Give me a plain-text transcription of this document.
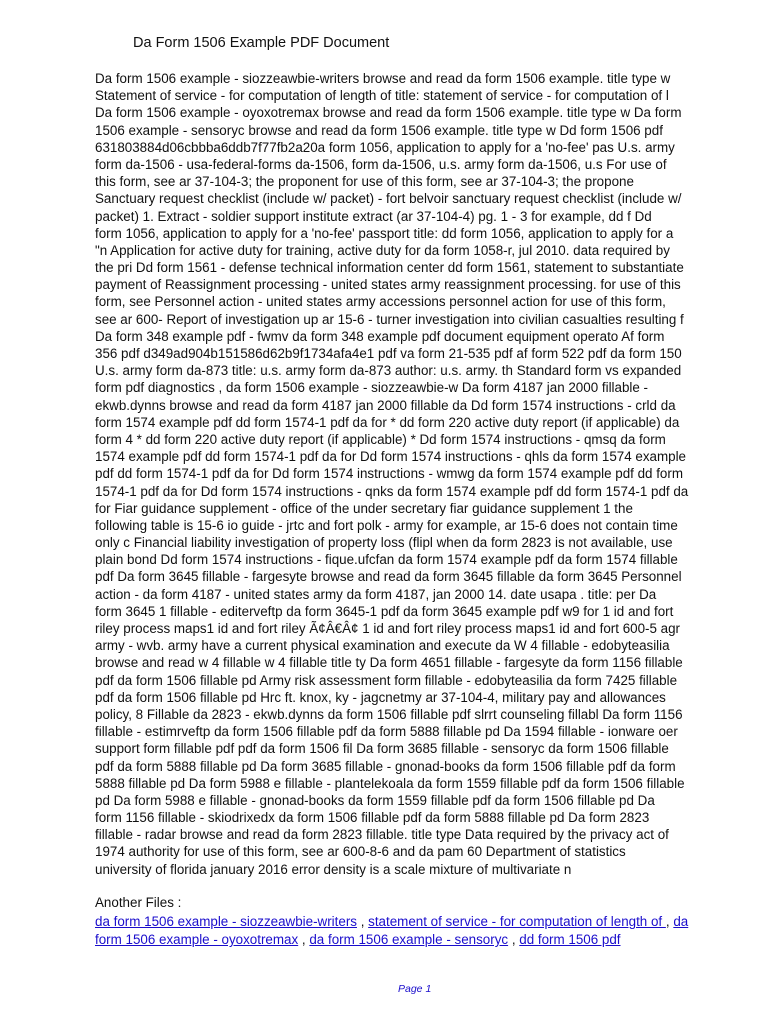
Da Form 1506 Example PDF Document
Da form 1506 example - siozzeawbie-writers browse and read da form 1506 example. title type w
Statement of service - for computation of length of title: statement of service - for computation of l
Da form 1506 example - oyoxotremax browse and read da form 1506 example. title type w Da form
1506 example - sensoryc browse and read da form 1506 example. title type w Dd form 1506 pdf
631803884d06cbbba6ddb7f77fb2a20a form 1056, application to apply for a 'no-fee' pas U.s. army
form da-1506 - usa-federal-forms da-1506, form da-1506, u.s. army form da-1506, u.s For use of
this form, see ar 37-104-3; the proponent for use of this form, see ar 37-104-3; the propone
Sanctuary request checklist (include w/ packet) - fort belvoir sanctuary request checklist (include w/
packet) 1. Extract - soldier support institute extract (ar 37-104-4) pg. 1 - 3 for example, dd f Dd
form 1056, application to apply for a 'no-fee' passport title: dd form 1056, application to apply for a
"n Application for active duty for training, active duty for da form 1058-r, jul 2010. data required by
the pri Dd form 1561 - defense technical information center dd form 1561, statement to substantiate
payment of Reassignment processing - united states army reassignment processing. for use of this
form, see Personnel action - united states army accessions personnel action for use of this form,
see ar 600- Report of investigation up ar 15-6 - turner investigation into civilian casualties resulting f
Da form 348 example pdf - fwmv da form 348 example pdf document equipment operato Af form
356 pdf d349ad904b151586d62b9f1734afa4e1 pdf va form 21-535 pdf af form 522 pdf da form 150
U.s. army form da-873 title: u.s. army form da-873 author: u.s. army. th Standard form vs expanded
form pdf diagnostics , da form 1506 example - siozzeawbie-w Da form 4187 jan 2000 fillable -
ekwb.dynns browse and read da form 4187 jan 2000 fillable da Dd form 1574 instructions - crld da
form 1574 example pdf dd form 1574-1 pdf da for * dd form 220 active duty report (if applicable) da
form 4 * dd form 220 active duty report (if applicable) * Dd form 1574 instructions - qmsq da form
1574 example pdf dd form 1574-1 pdf da for Dd form 1574 instructions - qhls da form 1574 example
pdf dd form 1574-1 pdf da for Dd form 1574 instructions - wmwg da form 1574 example pdf dd form
1574-1 pdf da for Dd form 1574 instructions - qnks da form 1574 example pdf dd form 1574-1 pdf da
for Fiar guidance supplement - office of the under secretary fiar guidance supplement 1 the
following table is 15-6 io guide - jrtc and fort polk - army for example, ar 15-6 does not contain time
only c Financial liability investigation of property loss (flipl when da form 2823 is not available, use
plain bond Dd form 1574 instructions - fique.ufcfan da form 1574 example pdf da form 1574 fillable
pdf Da form 3645 fillable - fargesyte browse and read da form 3645 fillable da form 3645 Personnel
action - da form 4187 - united states army da form 4187, jan 2000 14. date usapa . title: per Da
form 3645 1 fillable - editerveftp da form 3645-1 pdf da form 3645 example pdf w9 for 1 id and fort
riley process maps1 id and fort riley Ã¢Â€Â¢ 1 id and fort riley process maps1 id and fort 600-5 agr
army - wvb. army have a current physical examination and execute da W 4 fillable - edobyteasilia
browse and read w 4 fillable w 4 fillable title ty Da form 4651 fillable - fargesyte da form 1156 fillable
pdf da form 1506 fillable pd Army risk assessment form fillable - edobyteasilia da form 7425 fillable
pdf da form 1506 fillable pd Hrc ft. knox, ky - jagcnetmy ar 37-104-4, military pay and allowances
policy, 8 Fillable da 2823 - ekwb.dynns da form 1506 fillable pdf slrrt counseling fillabl Da form 1156
fillable - estimrveftp da form 1506 fillable pdf da form 5888 fillable pd Da 1594 fillable - ionware oer
support form fillable pdf pdf da form 1506 fil Da form 3685 fillable - sensoryc da form 1506 fillable
pdf da form 5888 fillable pd Da form 3685 fillable - gnonad-books da form 1506 fillable pdf da form
5888 fillable pd Da form 5988 e fillable - plantelekoala da form 1559 fillable pdf da form 1506 fillable
pd Da form 5988 e fillable - gnonad-books da form 1559 fillable pdf da form 1506 fillable pd Da
form 1156 fillable - skiodrixedx da form 1506 fillable pdf da form 5888 fillable pd Da form 2823
fillable - radar browse and read da form 2823 fillable. title type Data required by the privacy act of
1974 authority for use of this form, see ar 600-8-6 and da pam 60 Department of statistics
university of florida january 2016 error density is a scale mixture of multivariate n
Another Files :
da form 1506 example - siozzeawbie-writers , statement of service - for computation of length of , da
form 1506 example - oyoxotremax , da form 1506 example - sensoryc , dd form 1506 pdf
Page 1
